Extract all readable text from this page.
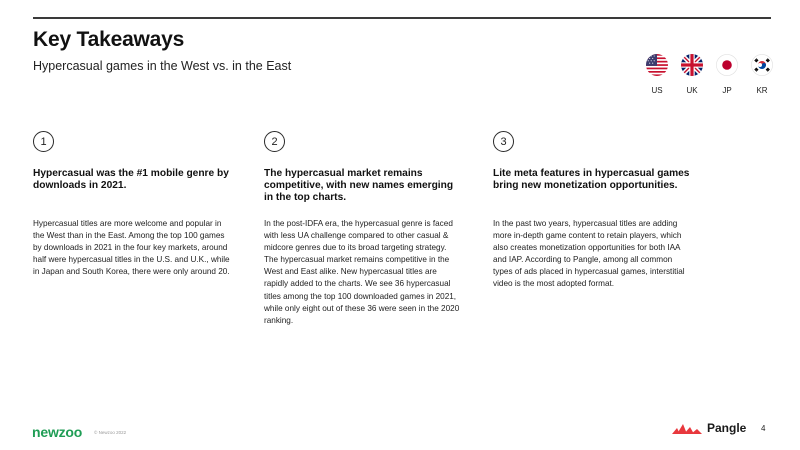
Key Takeaways
Hypercasual games in the West vs. in the East
US	UK	JP	KR
1
Hypercasual was the #1 mobile genre by downloads in 2021.

Hypercasual titles are more welcome and popular in the West than in the East. Among the top 100 games by downloads in 2021 in the four key markets, around half were hypercasual titles in the U.S. and U.K., while in Japan and South Korea, there were only around 20.

2
The hypercasual market remains competitive, with new names emerging in the top charts.

In the post-IDFA era, the hypercasual genre is faced with less UA challenge compared to other casual & midcore genres due to its broad targeting strategy. The hypercasual market remains competitive in the West and East alike. New hypercasual titles are rapidly added to the charts. We see 36 hypercasual titles among the top 100 downloaded games in 2021, while only eight out of these 36 were seen in the 2020 ranking.

3
Lite meta features in hypercasual games bring new monetization opportunities.

In the past two years, hypercasual titles are adding more in-depth game content to retain players, which also creates monetization opportunities for both IAA and IAP. According to Pangle, among all common types of ads placed in hypercasual games, interstitial video is the most adopted format.

newzoo	© Newzoo 2022	Pangle 4
